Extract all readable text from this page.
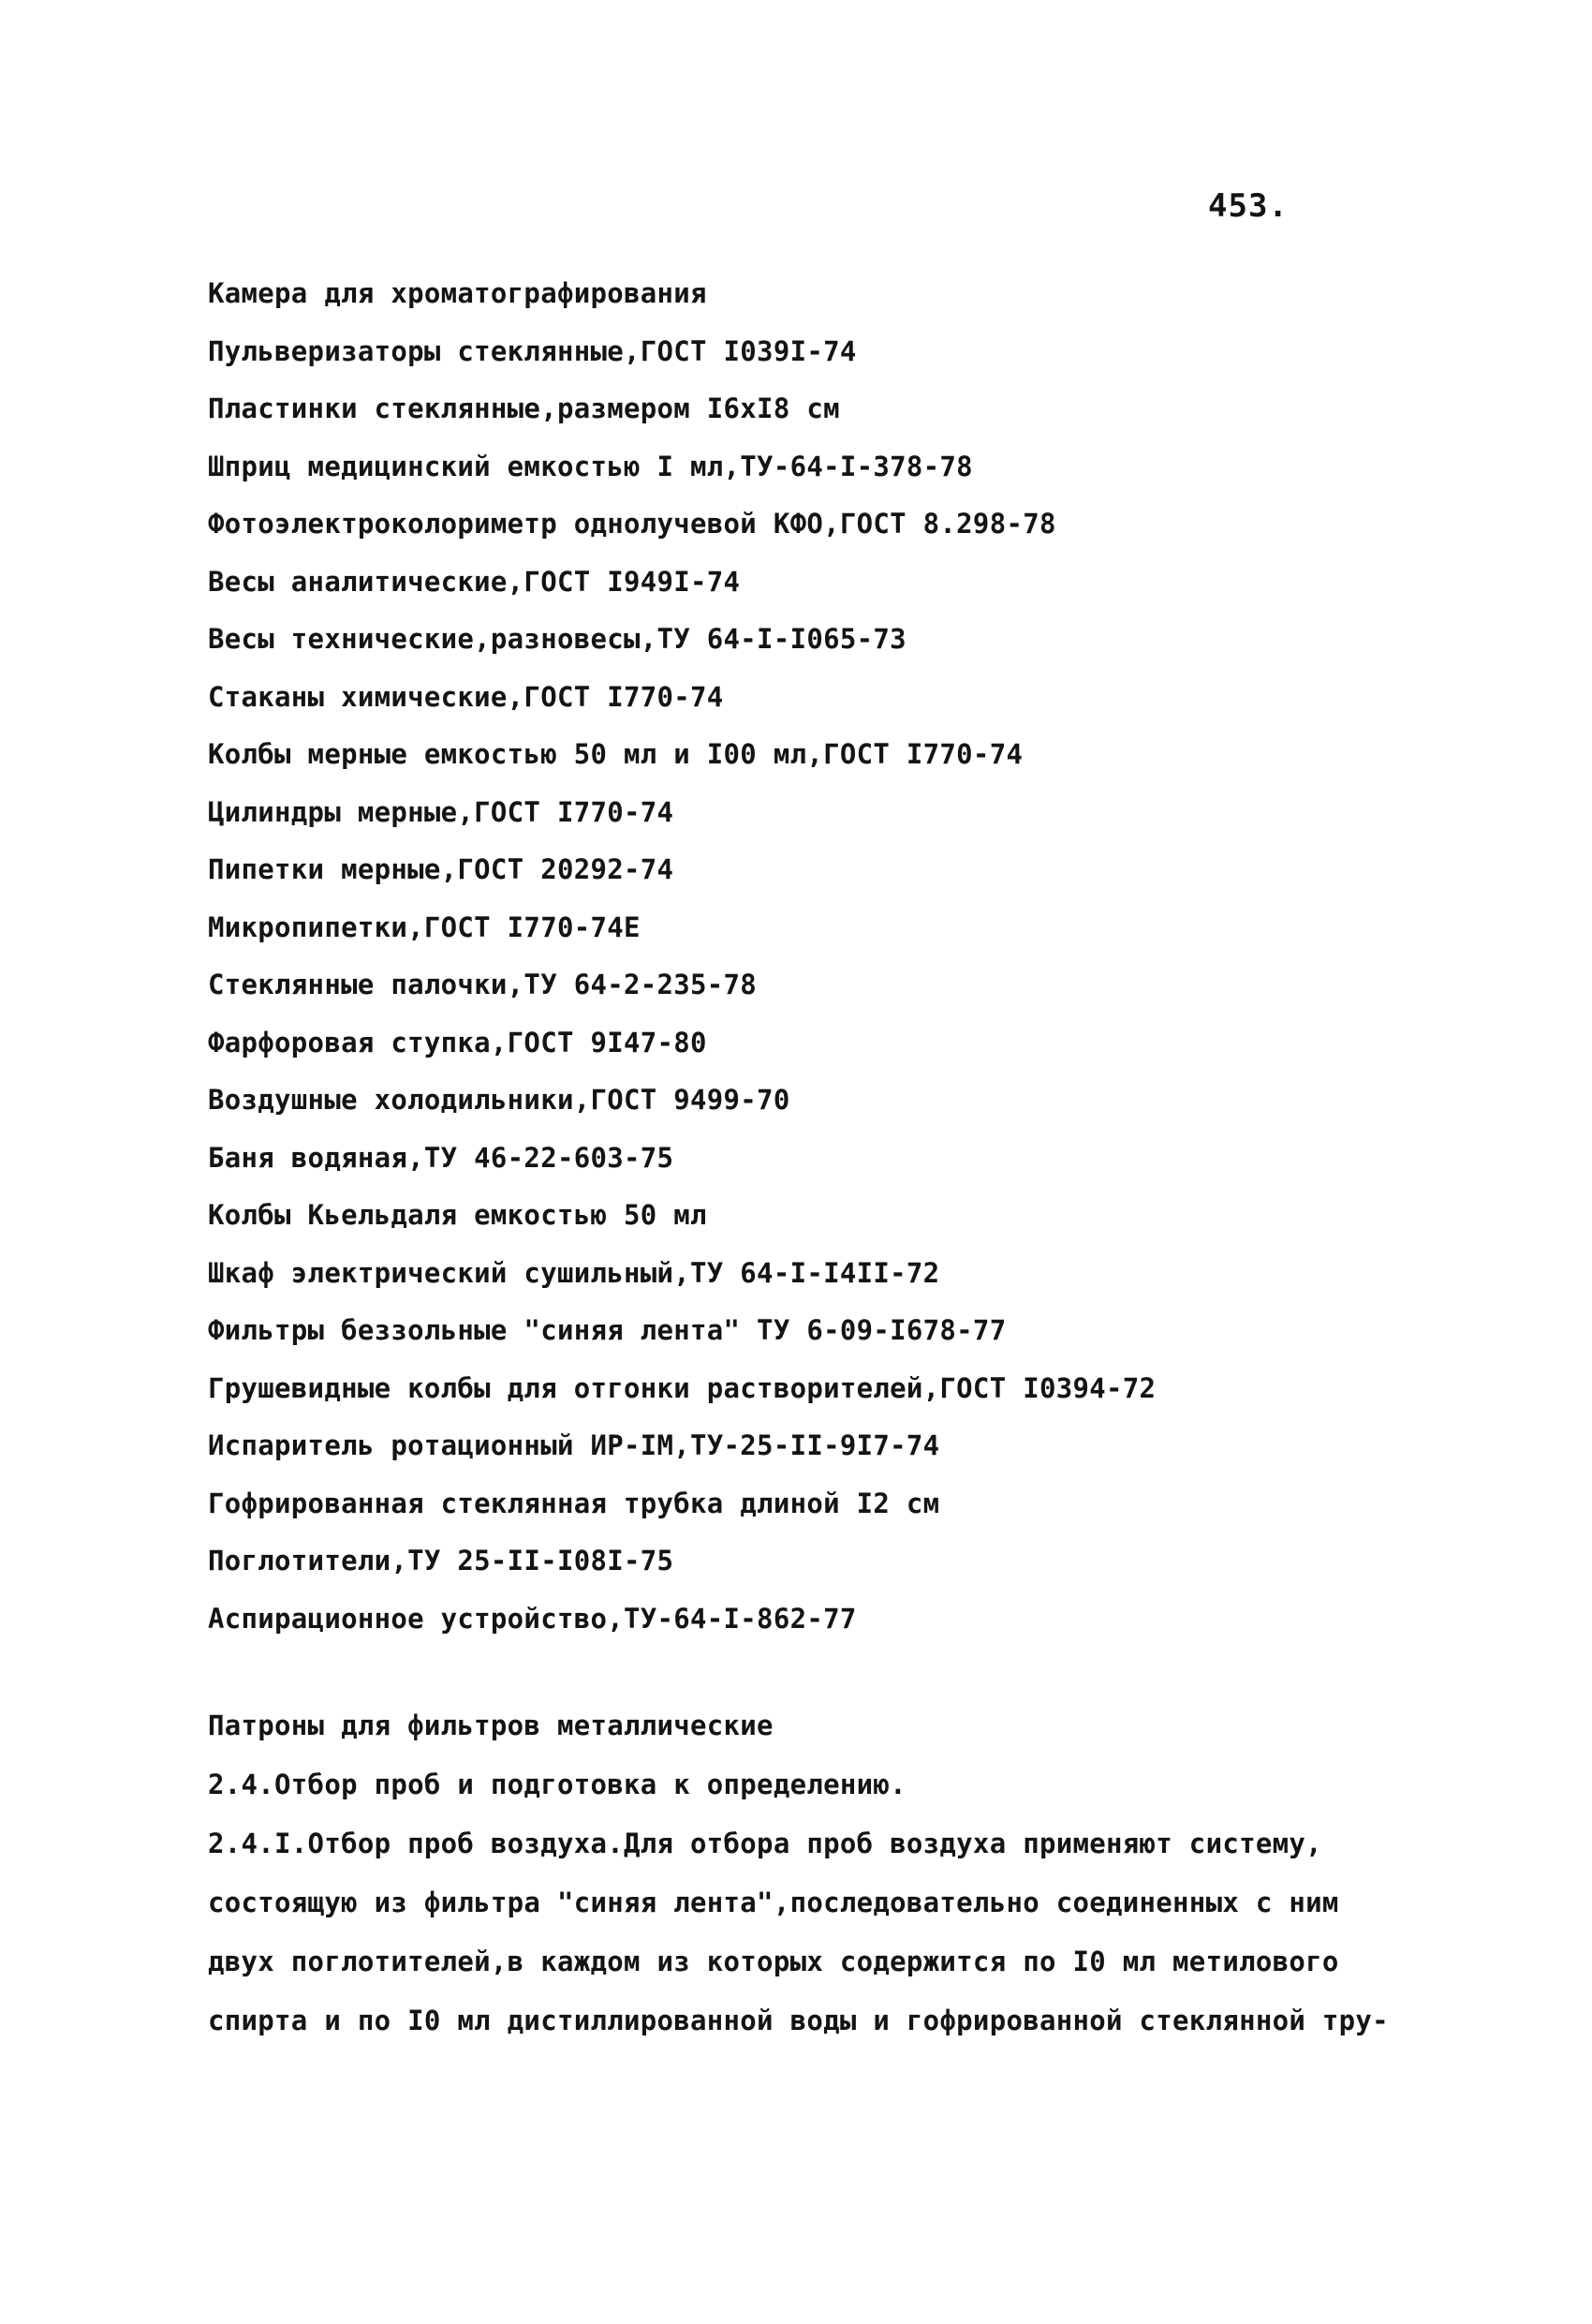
453.
Камера для хроматографирования
Пульверизаторы стеклянные,ГОСТ I039I-74
Пластинки стеклянные,размером I6xI8 см
Шприц медицинский емкостью I мл,ТУ-64-I-378-78
Фотоэлектроколориметр однолучевой КФО,ГОСТ 8.298-78
Весы аналитические,ГОСТ I949I-74
Весы технические,разновесы,ТУ 64-I-I065-73
Стаканы химические,ГОСТ I770-74
Колбы мерные емкостью 50 мл и I00 мл,ГОСТ I770-74
Цилиндры мерные,ГОСТ I770-74
Пипетки мерные,ГОСТ 20292-74
Микропипетки,ГОСТ I770-74Е
Стеклянные палочки,ТУ 64-2-235-78
Фарфоровая ступка,ГОСТ 9I47-80
Воздушные холодильники,ГОСТ 9499-70
Баня водяная,ТУ 46-22-603-75
Колбы Кьельдаля емкостью 50 мл
Шкаф электрический сушильный,ТУ 64-I-I4II-72
Фильтры беззольные "синяя лента" ТУ 6-09-I678-77
Грушевидные колбы для отгонки растворителей,ГОСТ I0394-72
Испаритель ротационный ИР-IМ,ТУ-25-II-9I7-74
Гофрированная стеклянная трубка длиной I2 см
Поглотители,ТУ 25-II-I08I-75
Аспирационное устройство,ТУ-64-I-862-77
Патроны для фильтров металлические
2.4.Отбор проб и подготовка к определению.
2.4.I.Отбор проб воздуха.Для отбора проб воздуха применяют систему,
состоящую из фильтра "синяя лента",последовательно соединенных с ним
двух поглотителей,в каждом из которых содержится по I0 мл метилового
спирта и по I0 мл дистиллированной воды и гофрированной стеклянной тру-
